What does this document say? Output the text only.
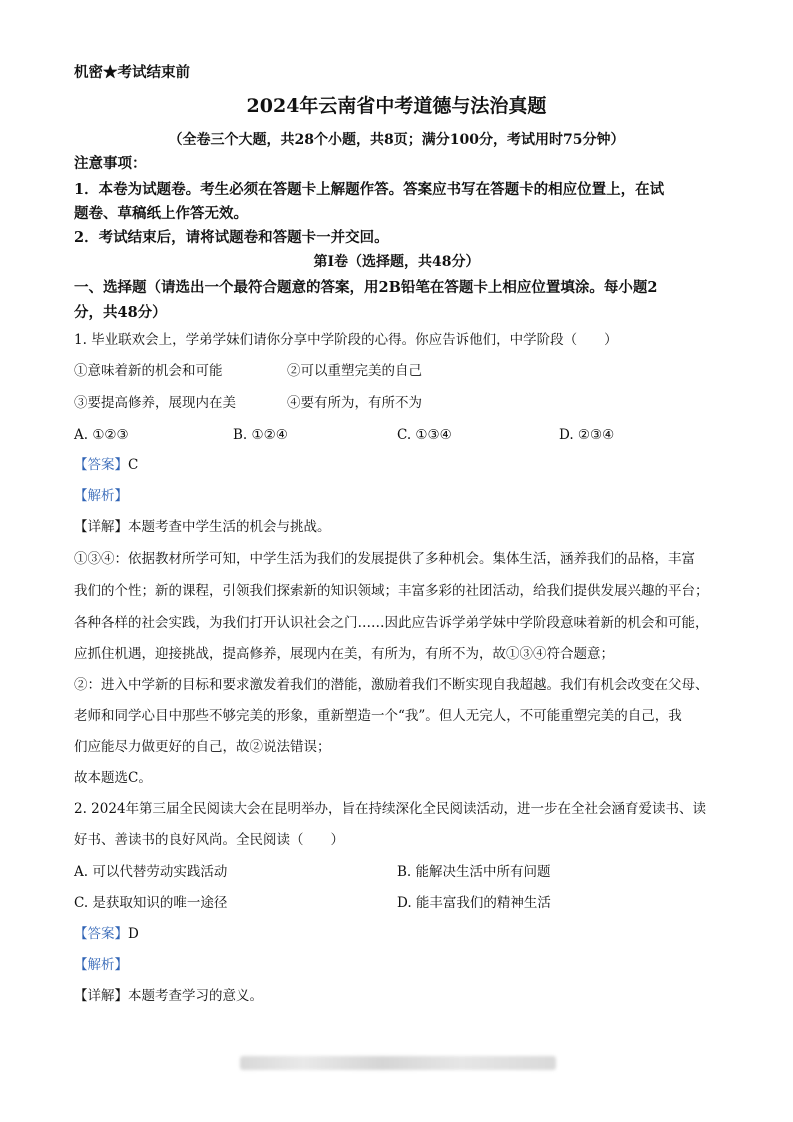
机密★考试结束前
2024年云南省中考道德与法治真题
（全卷三个大题，共28个小题，共8页；满分100分，考试用时75分钟）
注意事项：
1．本卷为试题卷。考生必须在答题卡上解题作答。答案应书写在答题卡的相应位置上，在试
题卷、草稿纸上作答无效。
2．考试结束后，请将试题卷和答题卡一并交回。
第Ⅰ卷（选择题，共48分）
一、选择题（请选出一个最符合题意的答案，用2B铅笔在答题卡上相应位置填涂。每小题2
分，共48分）
1. 毕业联欢会上，学弟学妹们请你分享中学阶段的心得。你应告诉他们，中学阶段（　　）
①意味着新的机会和可能	②可以重塑完美的自己
③要提高修养，展现内在美	④要有所为，有所不为
A. ①②③	B. ①②④	C. ①③④	D. ②③④
【答案】C
【解析】
【详解】本题考查中学生活的机会与挑战。
①③④：依据教材所学可知，中学生活为我们的发展提供了多种机会。集体生活，涵养我们的品格，丰富
我们的个性；新的课程，引领我们探索新的知识领域；丰富多彩的社团活动，给我们提供发展兴趣的平台；
各种各样的社会实践，为我们打开认识社会之门……因此应告诉学弟学妹中学阶段意味着新的机会和可能，
应抓住机遇，迎接挑战，提高修养，展现内在美，有所为，有所不为，故①③④符合题意；
②：进入中学新的目标和要求激发着我们的潜能，激励着我们不断实现自我超越。我们有机会改变在父母、
老师和同学心目中那些不够完美的形象，重新塑造一个“我”。但人无完人，不可能重塑完美的自己，我
们应能尽力做更好的自己，故②说法错误；
故本题选C。
2. 2024年第三届全民阅读大会在昆明举办，旨在持续深化全民阅读活动，进一步在全社会涵育爱读书、读
好书、善读书的良好风尚。全民阅读（　　）
A. 可以代替劳动实践活动	B. 能解决生活中所有问题
C. 是获取知识的唯一途径	D. 能丰富我们的精神生活
【答案】D
【解析】
【详解】本题考查学习的意义。
